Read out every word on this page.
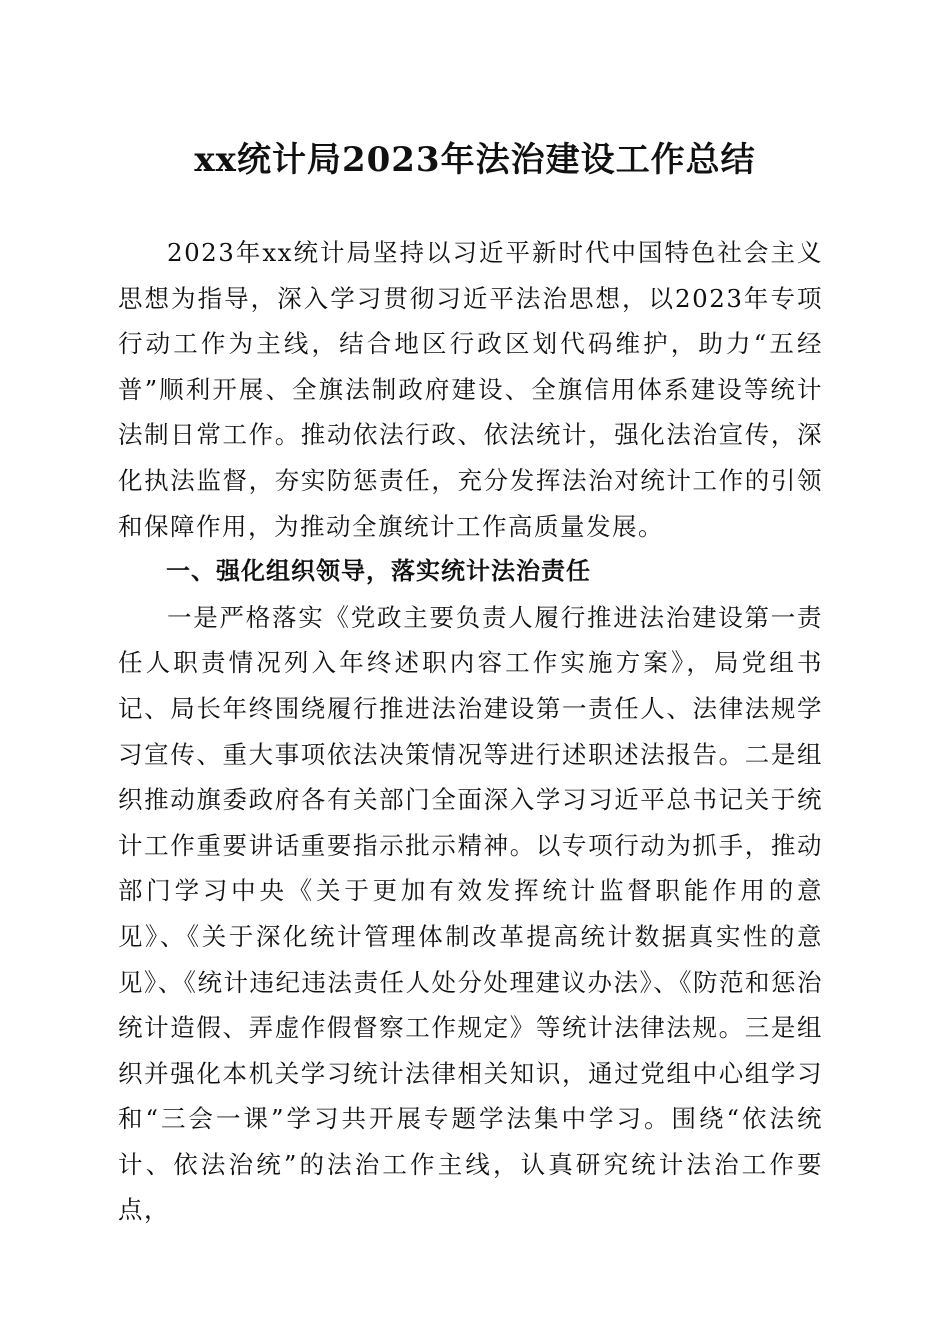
xx统计局2023年法治建设工作总结

2023年xx统计局坚持以习近平新时代中国特色社会主义思想为指导，深入学习贯彻习近平法治思想，以2023年专项行动工作为主线，结合地区行政区划代码维护，助力“五经普”顺利开展、全旗法制政府建设、全旗信用体系建设等统计法制日常工作。推动依法行政、依法统计，强化法治宣传，深化执法监督，夯实防惩责任，充分发挥法治对统计工作的引领和保障作用，为推动全旗统计工作高质量发展。

一、强化组织领导，落实统计法治责任

一是严格落实《党政主要负责人履行推进法治建设第一责任人职责情况列入年终述职内容工作实施方案》，局党组书记、局长年终围绕履行推进法治建设第一责任人、法律法规学习宣传、重大事项依法决策情况等进行述职述法报告。二是组织推动旗委政府各有关部门全面深入学习习近平总书记关于统计工作重要讲话重要指示批示精神。以专项行动为抓手，推动部门学习中央《关于更加有效发挥统计监督职能作用的意见》、《关于深化统计管理体制改革提高统计数据真实性的意见》、《统计违纪违法责任人处分处理建议办法》、《防范和惩治统计造假、弄虚作假督察工作规定》等统计法律法规。三是组织并强化本机关学习统计法律相关知识，通过党组中心组学习和“三会一课”学习共开展专题学法集中学习。围绕“依法统计、依法治统”的法治工作主线，认真研究统计法治工作要点，
